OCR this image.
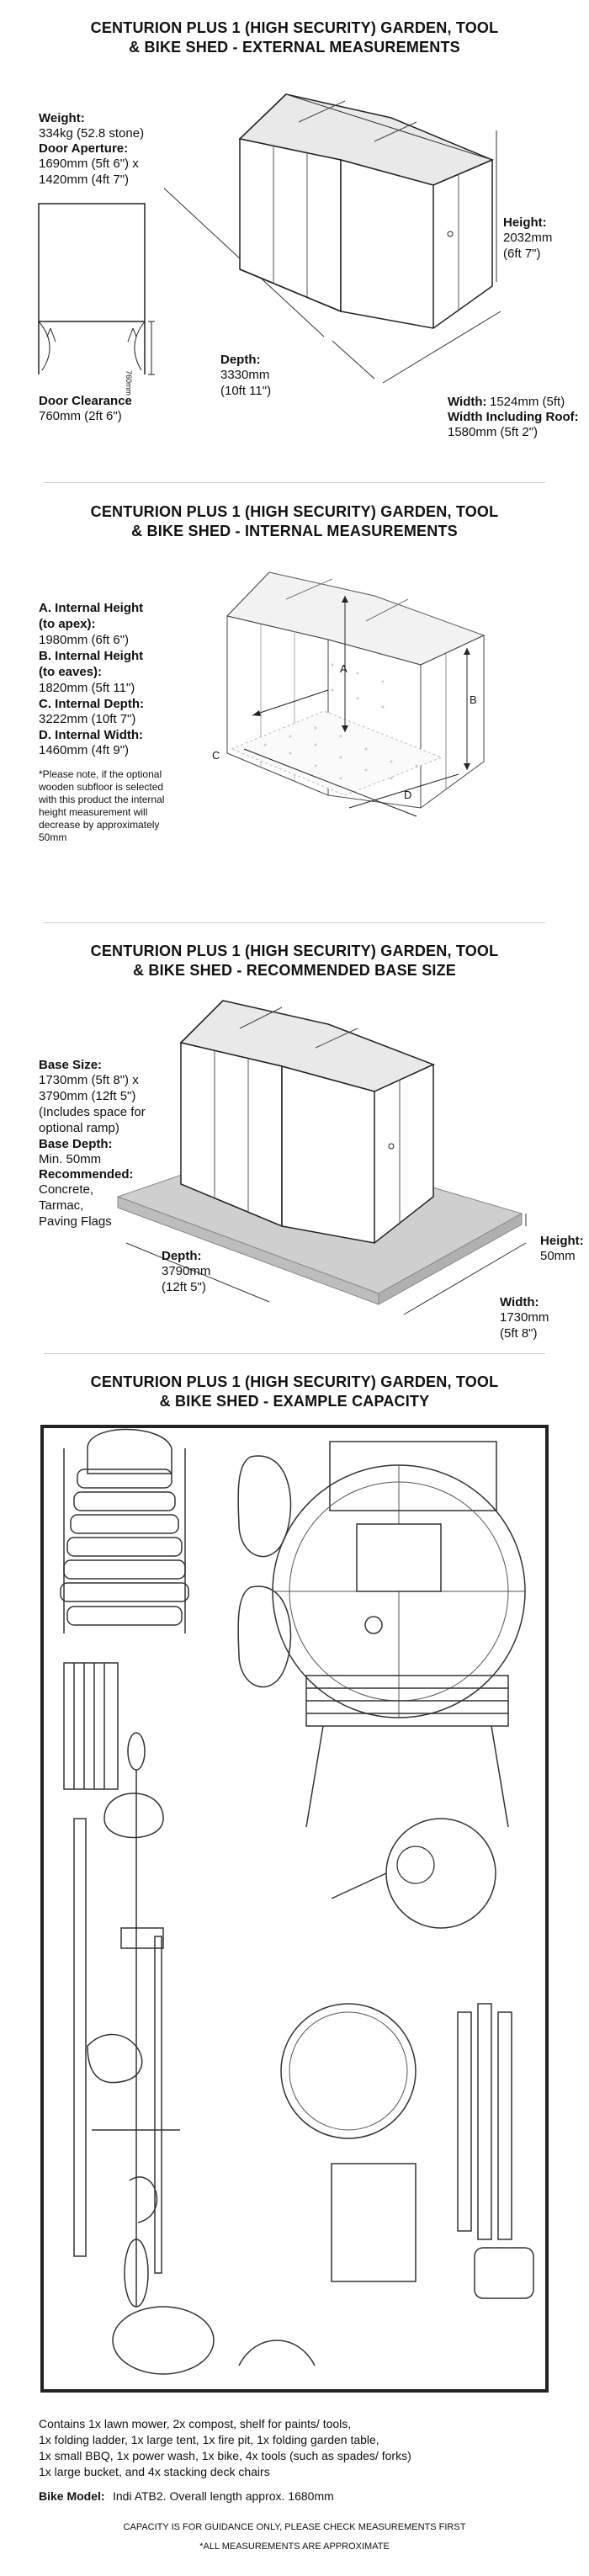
CENTURION PLUS 1 (HIGH SECURITY) GARDEN, TOOL
& BIKE SHED - EXTERNAL MEASUREMENTS
Weight:
334kg (52.8 stone)
Door Aperture:
1690mm (5ft 6") x
1420mm (4ft 7")
760mm
Door Clearance
760mm (2ft 6")
Height:
2032mm
(6ft 7")
Depth:
3330mm
(10ft 11")
Width: 1524mm (5ft)
Width Including Roof:
1580mm (5ft 2")
CENTURION PLUS 1 (HIGH SECURITY) GARDEN, TOOL
& BIKE SHED - INTERNAL MEASUREMENTS
A. Internal Height
(to apex):
1980mm (6ft 6")
B. Internal Height
(to eaves):
1820mm (5ft 11")
C. Internal Depth:
3222mm (10ft 7")
D. Internal Width:
1460mm (4ft 9")
*Please note, if the optional
wooden subfloor is selected
with this product the internal
height measurement will
decrease by approximately
50mm
A
B
C
D
CENTURION PLUS 1 (HIGH SECURITY) GARDEN, TOOL
& BIKE SHED - RECOMMENDED BASE SIZE
Base Size:
1730mm (5ft 8") x
3790mm (12ft 5")
(Includes space for
optional ramp)
Base Depth:
Min. 50mm
Recommended:
Concrete,
Tarmac,
Paving Flags
Depth:
3790mm
(12ft 5")
Height:
50mm
Width:
1730mm
(5ft 8")
CENTURION PLUS 1 (HIGH SECURITY) GARDEN, TOOL
& BIKE SHED - EXAMPLE CAPACITY
Contains 1x lawn mower, 2x compost, shelf for paints/ tools,
1x folding ladder, 1x large tent, 1x fire pit, 1x folding garden table,
1x small BBQ, 1x power wash, 1x bike, 4x tools (such as spades/ forks)
1x large bucket, and 4x stacking deck chairs
Bike Model: Indi ATB2. Overall length approx. 1680mm
CAPACITY IS FOR GUIDANCE ONLY, PLEASE CHECK MEASUREMENTS FIRST
*ALL MEASUREMENTS ARE APPROXIMATE
